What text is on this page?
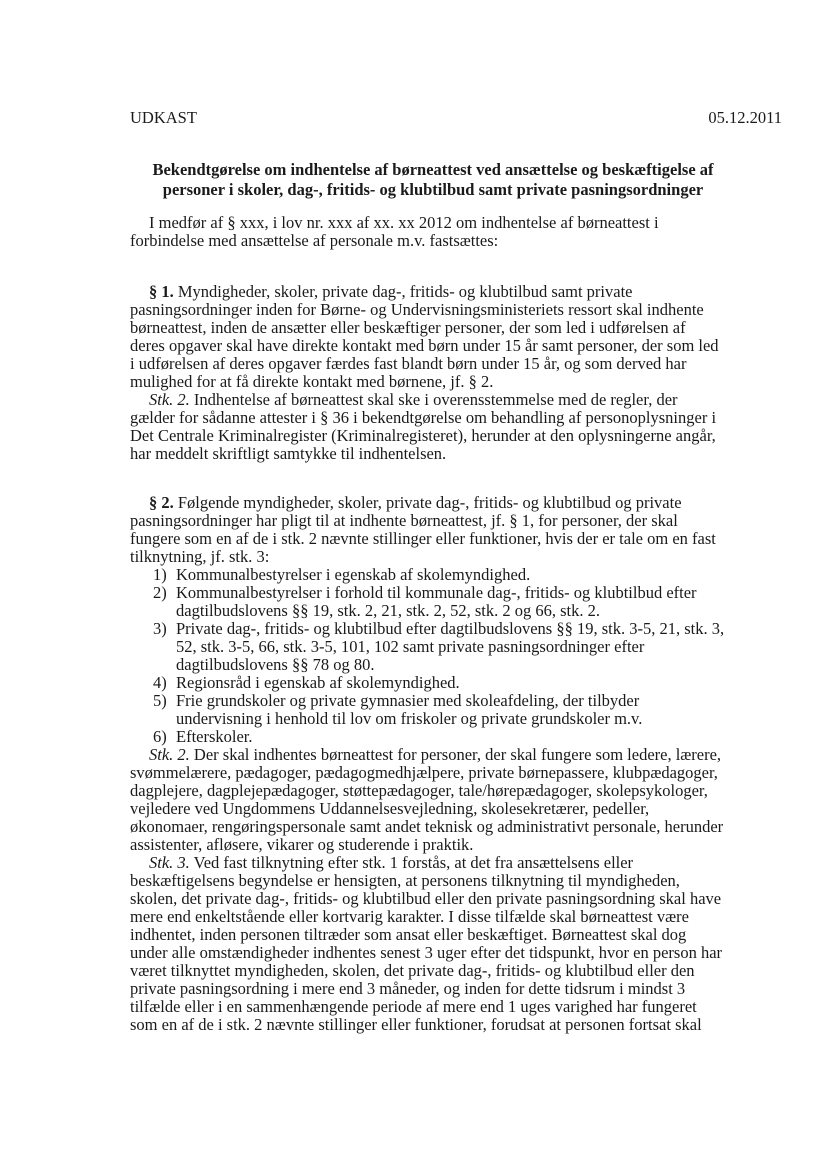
UDKAST	05.12.2011
Bekendtgørelse om indhentelse af børneattest ved ansættelse og beskæftigelse af
personer i skoler, dag-, fritids- og klubtilbud samt private pasningsordninger
I medfør af § xxx, i lov nr. xxx af xx. xx 2012 om indhentelse af børneattest i
forbindelse med ansættelse af personale m.v. fastsættes:
§ 1. Myndigheder, skoler, private dag-, fritids- og klubtilbud samt private
pasningsordninger inden for Børne- og Undervisningsministeriets ressort skal indhente
børneattest, inden de ansætter eller beskæftiger personer, der som led i udførelsen af
deres opgaver skal have direkte kontakt med børn under 15 år samt personer, der som led
i udførelsen af deres opgaver færdes fast blandt børn under 15 år, og som derved har
mulighed for at få direkte kontakt med børnene, jf. § 2.
Stk. 2. Indhentelse af børneattest skal ske i overensstemmelse med de regler, der
gælder for sådanne attester i § 36 i bekendtgørelse om behandling af personoplysninger i
Det Centrale Kriminalregister (Kriminalregisteret), herunder at den oplysningerne angår,
har meddelt skriftligt samtykke til indhentelsen.
§ 2. Følgende myndigheder, skoler, private dag-, fritids- og klubtilbud og private
pasningsordninger har pligt til at indhente børneattest, jf. § 1, for personer, der skal
fungere som en af de i stk. 2 nævnte stillinger eller funktioner, hvis der er tale om en fast
tilknytning, jf. stk. 3:
1) Kommunalbestyrelser i egenskab af skolemyndighed.
2) Kommunalbestyrelser i forhold til kommunale dag-, fritids- og klubtilbud efter
dagtilbudslovens §§ 19, stk. 2, 21, stk. 2, 52, stk. 2 og 66, stk. 2.
3) Private dag-, fritids- og klubtilbud efter dagtilbudslovens §§ 19, stk. 3-5, 21, stk. 3,
52, stk. 3-5, 66, stk. 3-5, 101, 102 samt private pasningsordninger efter
dagtilbudslovens §§ 78 og 80.
4) Regionsråd i egenskab af skolemyndighed.
5) Frie grundskoler og private gymnasier med skoleafdeling, der tilbyder
undervisning i henhold til lov om friskoler og private grundskoler m.v.
6) Efterskoler.
Stk. 2. Der skal indhentes børneattest for personer, der skal fungere som ledere, lærere,
svømmelærere, pædagoger, pædagogmedhjælpere, private børnepassere, klubpædagoger,
dagplejere, dagplejepædagoger, støttepædagoger, tale/hørepædagoger, skolepsykologer,
vejledere ved Ungdommens Uddannelsesvejledning, skolesekretærer, pedeller,
økonomaer, rengøringspersonale samt andet teknisk og administrativt personale, herunder
assistenter, afløsere, vikarer og studerende i praktik.
Stk. 3. Ved fast tilknytning efter stk. 1 forstås, at det fra ansættelsens eller
beskæftigelsens begyndelse er hensigten, at personens tilknytning til myndigheden,
skolen, det private dag-, fritids- og klubtilbud eller den private pasningsordning skal have
mere end enkeltstående eller kortvarig karakter. I disse tilfælde skal børneattest være
indhentet, inden personen tiltræder som ansat eller beskæftiget. Børneattest skal dog
under alle omstændigheder indhentes senest 3 uger efter det tidspunkt, hvor en person har
været tilknyttet myndigheden, skolen, det private dag-, fritids- og klubtilbud eller den
private pasningsordning i mere end 3 måneder, og inden for dette tidsrum i mindst 3
tilfælde eller i en sammenhængende periode af mere end 1 uges varighed har fungeret
som en af de i stk. 2 nævnte stillinger eller funktioner, forudsat at personen fortsat skal
